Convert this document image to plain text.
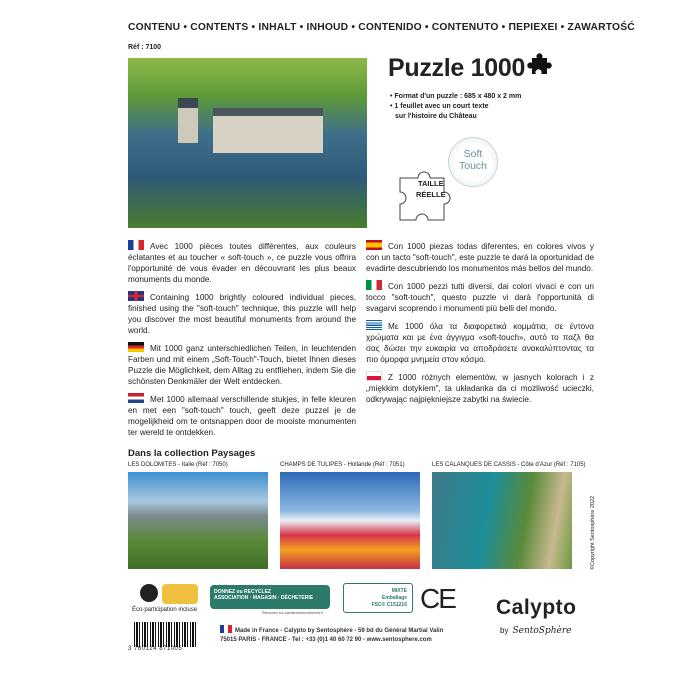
CONTENU • CONTENTS • INHALT • INHOUD • CONTENIDO • CONTENUTO • ΠΕΡΙΕΧΕΙ • ZAWARTOŚĆ
Réf : 7100
Puzzle 1000
• Format d'un puzzle : 685 x 480 x 2 mm
• 1 feuillet avec un court texte
sur l'histoire du Château
TAILLE
RÉELLE
Soft
Touch
Avec 1000 pièces toutes différentes, aux couleurs éclatantes et au toucher « soft-touch », ce puzzle vous offrira l'opportunité de vous évader en découvrant les plus beaux monuments du monde.
Containing 1000 brightly coloured individual pieces, finished using the "soft-touch" technique, this puzzle will help you discover the most beautiful monuments from around the world.
Mit 1000 ganz unterschiedlichen Teilen, in leuchtenden Farben und mit einem „Soft-Touch"-Touch, bietet Ihnen dieses Puzzle die Möglichkeit, dem Alltag zu entfliehen, indem Sie die schönsten Denkmäler der Welt entdecken.
Met 1000 allemaal verschillende stukjes, in felle kleuren en met een "soft-touch" touch, geeft deze puzzel je de mogelijkheid om te ontsnappen door de mooiste monumenten ter wereld te ontdekken.
Con 1000 piezas todas diferentes, en colores vivos y con un tacto "soft-touch", este puzzle te dará la oportunidad de evadirte descubriendo los monumentos más bellos del mundo.
Con 1000 pezzi tutti diversi, dai colori vivaci e con un tocco "soft-touch", questo puzzle vi darà l'opportunità di svagarvi scoprendo i monumenti più belli del mondo.
Με 1000 όλα τα διαφορετικά κομμάτια, σε έντονα χρώματα και με ένα άγγιγμα «soft-touch», αυτό το παζλ θα σας δώσει την ευκαιρία να αποδράσετε ανακαλύπτοντας τα πιο όμορφα μνημεία στον κόσμο.
Z 1000 różnych elementów, w jasnych kolorach i z „miękkim dotykiem", ta układanka da ci możliwość ucieczki, odkrywając najpiękniejsze zabytki na świecie.
Dans la collection Paysages
LES DOLOMITES - Italie (Réf : 7050)	CHAMPS DE TULIPES - Hollande (Réf : 7051)	LES CALANQUES DE CASSIS - Côte d'Azur (Réf : 7105)
©Copyright Sentosphère 2022
Éco-participation incluse
DONNEZ ou RECYCLEZ
ASSOCIATION · MAGASIN · DÉCHETERIE
Retrouvez sur quefairedemesdechets.fr
MIXTE
Emballage
FSC® C151216 CE Calypto
by SentoSphère
3 760124 871005
Made in France - Calypto by Sentosphère - 59 bd du Général Martial Valin
75015 PARIS - FRANCE - Tel : +33 (0)1 40 60 72 90 - www.sentosphere.com
